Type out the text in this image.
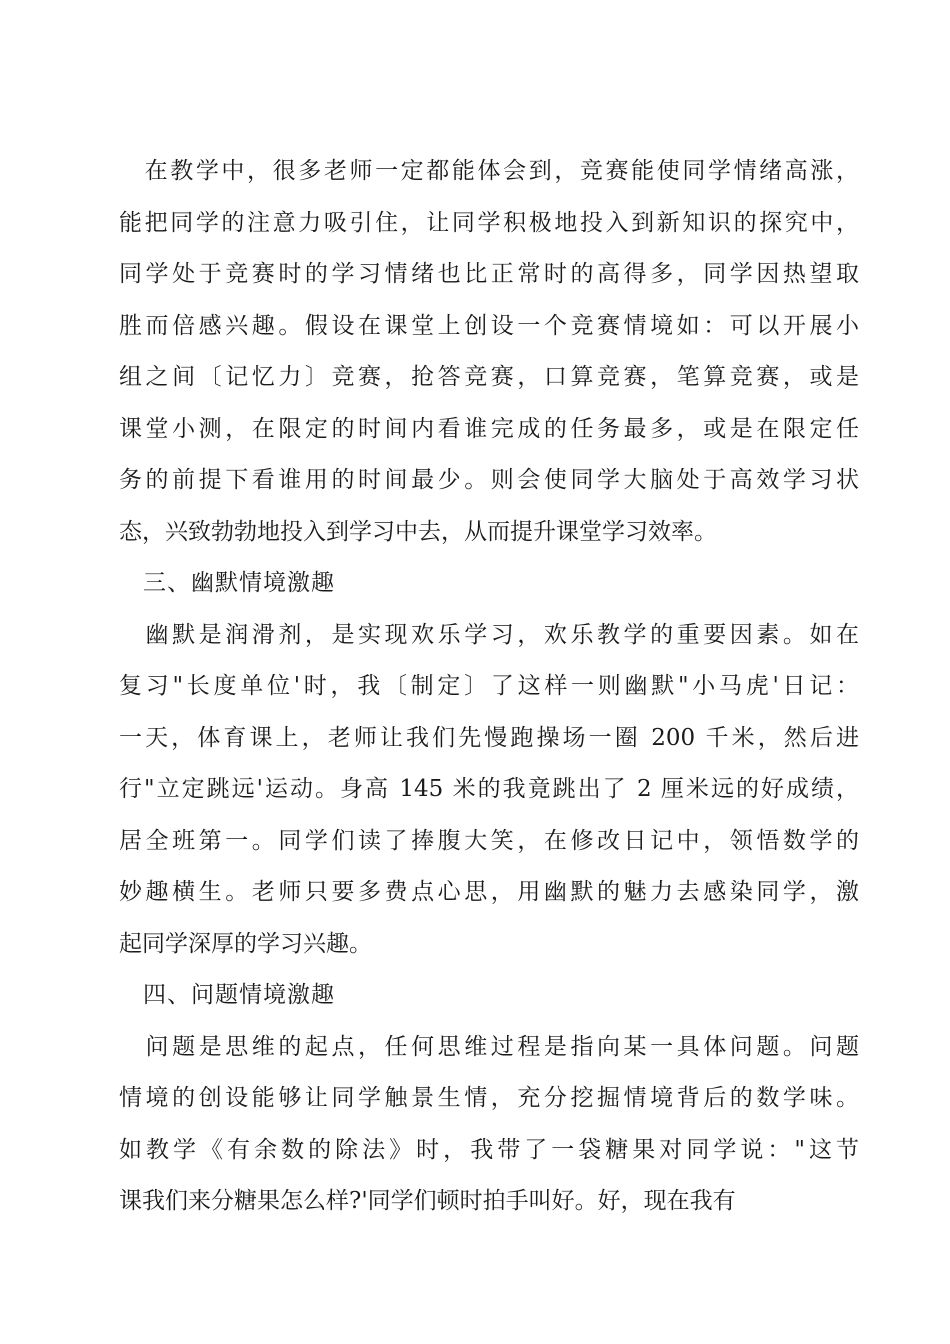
　在教学中，很多老师一定都能体会到，竞赛能使同学情绪高涨，
能把同学的注意力吸引住，让同学积极地投入到新知识的探究中，
同学处于竞赛时的学习情绪也比正常时的高得多，同学因热望取
胜而倍感兴趣。假设在课堂上创设一个竞赛情境如：可以开展小
组之间〔记忆力〕竞赛，抢答竞赛，口算竞赛，笔算竞赛，或是
课堂小测，在限定的时间内看谁完成的任务最多，或是在限定任
务的前提下看谁用的时间最少。则会使同学大脑处于高效学习状
态，兴致勃勃地投入到学习中去，从而提升课堂学习效率。
　三、幽默情境激趣
　幽默是润滑剂，是实现欢乐学习，欢乐教学的重要因素。如在
复习"长度单位'时，我〔制定〕了这样一则幽默"小马虎'日记：
一天，体育课上，老师让我们先慢跑操场一圈 200 千米，然后进
行"立定跳远'运动。身高 145 米的我竟跳出了 2 厘米远的好成绩，
居全班第一。同学们读了捧腹大笑，在修改日记中，领悟数学的
妙趣横生。老师只要多费点心思，用幽默的魅力去感染同学，激
起同学深厚的学习兴趣。
　四、问题情境激趣
　问题是思维的起点，任何思维过程是指向某一具体问题。问题
情境的创设能够让同学触景生情，充分挖掘情境背后的数学味。
如教学《有余数的除法》时，我带了一袋糖果对同学说："这节
课我们来分糖果怎么样?'同学们顿时拍手叫好。好，现在我有
